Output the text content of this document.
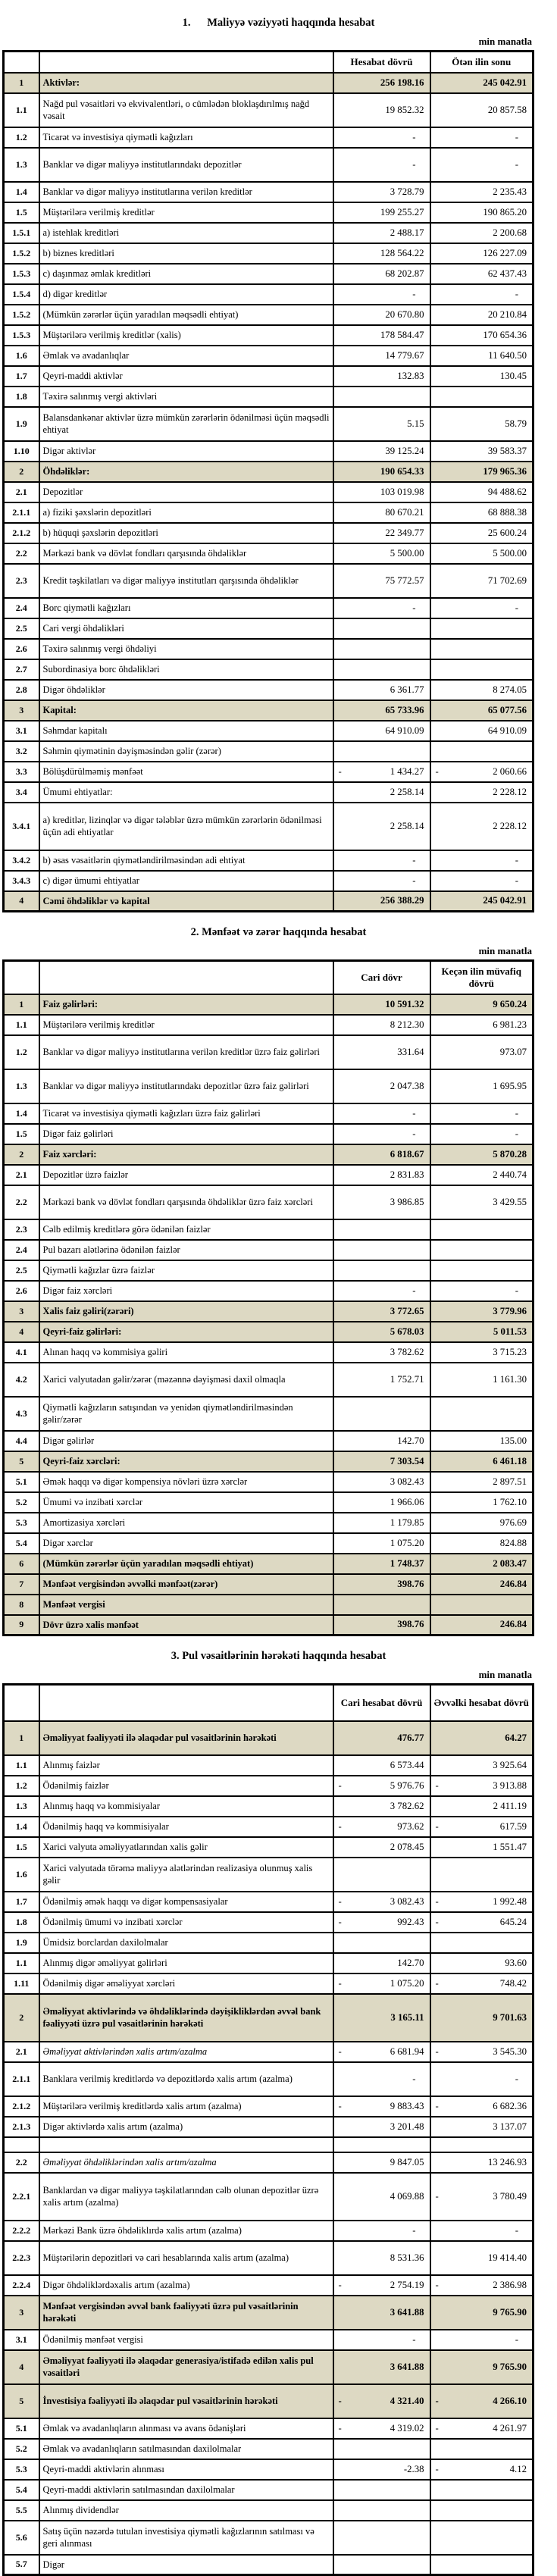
1.      Maliyyə vəziyyəti haqqında hesabat
min manatla
		Hesabat dövrü	Ötən ilin sonu
1	Aktivlər:	256 198.16	245 042.91
1.1	Nağd pul vəsaitləri və ekvivalentləri, o cümlədən bloklaşdırılmış nağd vəsait	19 852.32	20 857.58
1.2	Ticarət və investisiya qiymətli kağızları	-	-
1.3	Banklar və digər maliyyə institutlarındakı depozitlər	-	-
1.4	Banklar və digər maliyyə institutlarına verilən kreditlər	3 728.79	2 235.43
1.5	Müştərilərə verilmiş kreditlər	199 255.27	190 865.20
1.5.1	a) istehlak kreditləri	2 488.17	2 200.68
1.5.2	b) biznes kreditləri	128 564.22	126 227.09
1.5.3	c) daşınmaz əmlak kreditləri	68 202.87	62 437.43
1.5.4	d) digər kreditlər	-	-
1.5.2	(Mümkün zərərlər üçün yaradılan məqsədli ehtiyat)	20 670.80	20 210.84
1.5.3	Müştərilərə verilmiş kreditlər (xalis)	178 584.47	170 654.36
1.6	Əmlak və avadanlıqlar	14 779.67	11 640.50
1.7	Qeyri-maddi aktivlər	132.83	130.45
1.8	Təxirə salınmış vergi aktivləri		
1.9	Balansdankənar aktivlər üzrə mümkün zərərlərin ödənilməsi üçün məqsədli ehtiyat	5.15	58.79
1.10	Digər aktivlər	39 125.24	39 583.37
2	Öhdəliklər:	190 654.33	179 965.36
2.1	Depozitlər	103 019.98	94 488.62
2.1.1	a) fiziki şəxslərin depozitləri	80 670.21	68 888.38
2.1.2	b) hüquqi şəxslərin depozitləri	22 349.77	25 600.24
2.2	Mərkəzi bank və dövlət fondları qarşısında öhdəliklər	5 500.00	5 500.00
2.3	Kredit təşkilatları və digər maliyyə institutları qarşısında öhdəliklər	75 772.57	71 702.69
2.4	Borc qiymətli kağızları	-	-
2.5	Cari vergi öhdəlikləri		
2.6	Təxirə salınmış vergi öhdəliyi		
2.7	Subordinasiya borc öhdəlikləri		
2.8	Digər öhdəliklər	6 361.77	8 274.05
3	Kapital:	65 733.96	65 077.56
3.1	Səhmdar kapitalı	64 910.09	64 910.09
3.2	Səhmin qiymətinin dəyişməsindən gəlir (zərər)		
3.3	Bölüşdürülməmiş mənfəət	- 1 434.27	- 2 060.66

3.4	Ümumi ehtiyatlar:	2 258.14	2 228.12
3.4.1	a) kreditlər, lizinqlər və digər tələblər üzrə mümkün zərərlərin ödənilməsi üçün adi ehtiyatlar	2 258.14	2 228.12
3.4.2	b) əsas vəsaitlərin qiymətləndirilməsindən adi ehtiyat	-	-
3.4.3	c) digər ümumi ehtiyatlar	-	-
4	Cəmi öhdəliklər və kapital	256 388.29	245 042.91
2. Mənfəət və zərər haqqında hesabat
min manatla
		Cari dövr	Keçən ilin müvafiq dövrü
1	Faiz gəlirləri:	10 591.32	9 650.24
1.1	Müştərilərə verilmiş kreditlər	8 212.30	6 981.23
1.2	Banklar və digər maliyyə institutlarına verilən kreditlər üzrə faiz gəlirləri	331.64	973.07
1.3	Banklar və digər maliyyə institutlarındakı depozitlər üzrə faiz gəlirləri	2 047.38	1 695.95
1.4	Ticarət və investisiya qiymətli kağızları üzrə faiz gəlirləri	-	-
1.5	Digər faiz gəlirləri	-	-
2	Faiz xərcləri:	6 818.67	5 870.28
2.1	Depozitlər üzrə faizlər	2 831.83	2 440.74
2.2	Mərkəzi bank və dövlət fondları qarşısında öhdəliklər üzrə faiz xərcləri	3 986.85	3 429.55
2.3	Cəlb edilmiş kreditlərə görə ödənilən faizlər		
2.4	Pul bazarı alətlərinə ödənilən faizlər		
2.5	Qiymətli kağızlar üzrə faizlər		
2.6	Digər faiz xərcləri	-	-
3	Xalis faiz gəliri(zərəri)	3 772.65	3 779.96
4	Qeyri-faiz gəlirləri:	5 678.03	5 011.53
4.1	Alınan haqq və kommisiya gəliri	3 782.62	3 715.23
4.2	Xarici valyutadan gəlir/zərər (məzənnə dəyişməsi daxil olmaqla	1 752.71	1 161.30
4.3	Qiymətli kağızların satışından və yenidən qiymətləndirilməsindən gəlir/zərər		
4.4	Digər gəlirlər	142.70	135.00
5	Qeyri-faiz xərcləri:	7 303.54	6 461.18
5.1	Əmək haqqı və digər kompensiya növləri üzrə xərclər	3 082.43	2 897.51
5.2	Ümumi və inzibati xərclər	1 966.06	1 762.10
5.3	Amortizasiya xərcləri	1 179.85	976.69
5.4	Digər xərclər	1 075.20	824.88
6	(Mümkün zərərlər üçün yaradılan məqsədli ehtiyat)	1 748.37	2 083.47
7	Mənfəət vergisindən əvvəlki mənfəət(zərər)	398.76	246.84
8	Mənfəət vergisi		
9	Dövr üzrə xalis mənfəət	398.76	246.84
3. Pul vəsaitlərinin hərəkəti haqqında hesabat
min manatla
		Cari hesabat dövrü	Əvvəlki hesabat dövrü
1	Əməliyyat fəaliyyəti ilə əlaqədar pul vəsaitlərinin hərəkəti	476.77	64.27
1.1	Alınmış faizlər	6 573.44	3 925.64
1.2	Ödənilmiş faizlər	- 5 976.76	- 3 913.88

1.3	Alınmış haqq və kommisiyalar	3 782.62	2 411.19
1.4	Ödənilmiş haqq və kommisiyalar	- 973.62	- 617.59

1.5	Xarici valyuta əməliyyatlarından xalis gəlir	2 078.45	1 551.47
1.6	Xarici valyutada törəmə maliyyə alətlərindən realizasiya olunmuş xalis gəlir		
1.7	Ödənilmiş əmək haqqı və digər kompensasiyalar	- 3 082.43	- 1 992.48

1.8	Ödənilmiş ümumi və inzibati xərclər	- 992.43	- 645.24

1.9	Ümidsiz borclardan daxilolmalar		
1.1	Alınmış digər əməliyyat gəlirləri	142.70	93.60
1.11	Ödənilmiş digər əməliyyat xərcləri	- 1 075.20	- 748.42

2	Əməliyyat aktivlərində və öhdəliklərində dəyişikliklərdən əvvəl bank fəaliyyəti üzrə pul vəsaitlərinin hərəkəti	3 165.11	9 701.63
2.1	Əməliyyat aktivlərindən xalis artım/azalma	- 6 681.94	- 3 545.30

2.1.1	Banklara verilmiş kreditlərdə və depozitlərdə xalis artım (azalma)	-	-
2.1.2	Müştərilərə verilmiş kreditlərdə xalis artım (azalma)	- 9 883.43	- 6 682.36

2.1.3	Digər aktivlərdə xalis artım (azalma)	3 201.48	3 137.07

2.2	Əməliyyat öhdəliklərindən xalis artım/azalma	9 847.05	13 246.93
2.2.1	Banklardan və digər maliyyə təşkilatlarından cəlb olunan depozitlər üzrə xalis artım (azalma)	4 069.88	- 3 780.49

2.2.2	Mərkəzi Bank üzrə öhdəliklırdə xalis artım (azalma)	-	-
2.2.3	Müştərilərin depozitləri və cari hesablarında xalis artım (azalma)	8 531.36	19 414.40
2.2.4	Digər öhdəliklərdəxalis artım (azalma)	- 2 754.19	- 2 386.98

3	Mənfəət vergisindən əvvəl bank fəaliyyəti üzrə pul vəsaitlərinin hərəkəti	3 641.88	9 765.90
3.1	Ödənilmiş mənfəət vergisi	-	-
4	Əməliyyat fəaliyyəti ilə əlaqədar generasiya/istifadə edilən xalis pul vəsaitləri	3 641.88	9 765.90
5	İnvestisiya fəaliyyəti ilə əlaqədar pul vəsaitlərinin hərəkəti	- 4 321.40	- 4 266.10

5.1	Əmlak və avadanlıqların alınması və avans ödənişləri	- 4 319.02	- 4 261.97

5.2	Əmlak və avadanlıqların satılmasından daxilolmalar		
5.3	Qeyri-maddi aktivlərin alınması	-2.38	- 4.12

5.4	Qeyri-maddi aktivlərin satılmasından daxilolmalar		
5.5	Alınmış dividendlər		
5.6	Satış üçün nəzərdə tutulan investisiya qiymətli kağızlarının satılması və geri alınması		
5.7	Digər		
